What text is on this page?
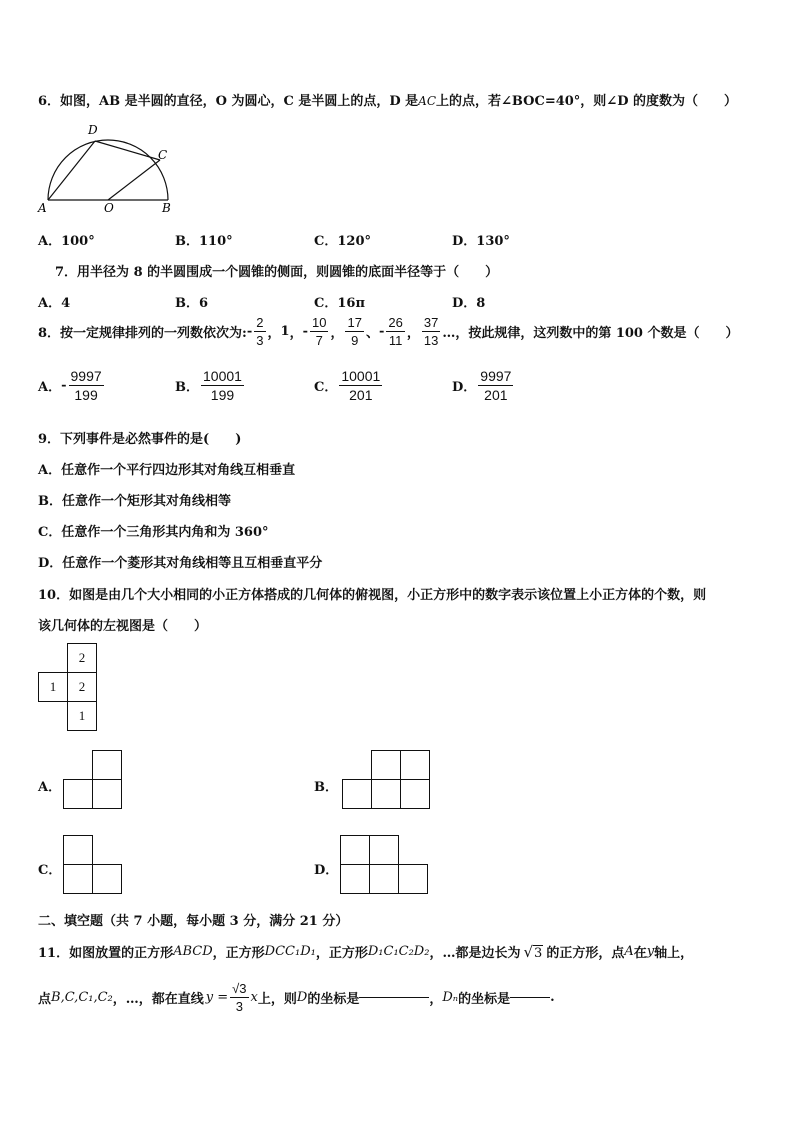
6．如图，AB 是半圆的直径，O 为圆心，C 是半圆上的点，D 是AC上的点，若∠BOC=40°，则∠D 的度数为（　　）
D
C
A	O	B
A．100°	B．110°	C．120°	D．130°
7．用半径为 8 的半圆围成一个圆锥的侧面，则圆锥的底面半径等于（　　）
A．4	B．6	C．16π	D．8
8．按一定规律排列的一列数依次为: - $\frac{2}{3}$ ， 1 ， - $\frac{10}{7}$ ， $\frac{17}{9}$ 、 - $\frac{26}{11}$ ， $\frac{37}{13}$ …，按此规律，这列数中的第 100 个数是（　　）
A． - $\frac{9997}{199}$	B． $\frac{10001}{199}$	C． $\frac{10001}{201}$	D． $\frac{9997}{201}$
9．下列事件是必然事件的是(　　)
A．任意作一个平行四边形其对角线互相垂直
B．任意作一个矩形其对角线相等
C．任意作一个三角形其内角和为 360°
D．任意作一个菱形其对角线相等且互相垂直平分
10．如图是由几个大小相同的小正方体搭成的几何体的俯视图，小正方形中的数字表示该位置上小正方体的个数，则
该几何体的左视图是（　　）
2
1	2
1
A．	B．
C．	D．
二、填空题（共 7 小题，每小题 3 分，满分 21 分）
11．如图放置的正方形 ABCD ，正方形 DCC₁D₁ ，正方形 D₁C₁C₂D₂ ，…都是边长为 √3 的正方形，点 A 在 y 轴上，
点 B,C,C₁,C₂ ，…，都在直线 $y = \frac{√3}{3}$ x 上，则 D 的坐标是	， Dₙ 的坐标是	.
